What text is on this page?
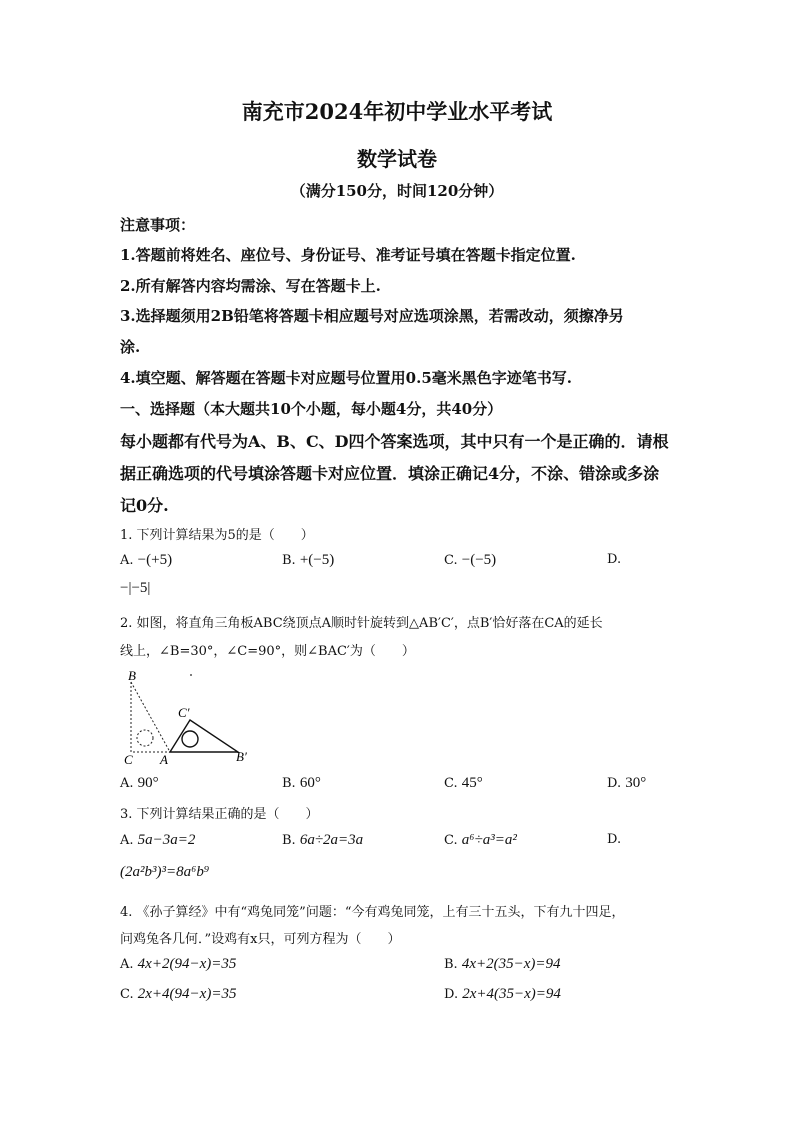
南充市2024年初中学业水平考试
数学试卷
（满分150分，时间120分钟）
注意事项：
1.答题前将姓名、座位号、身份证号、准考证号填在答题卡指定位置.
2.所有解答内容均需涂、写在答题卡上.
3.选择题须用2B铅笔将答题卡相应题号对应选项涂黑，若需改动，须擦净另
涂.
4.填空题、解答题在答题卡对应题号位置用0.5毫米黑色字迹笔书写.
一、选择题（本大题共10个小题，每小题4分，共40分）
每小题都有代号为A、B、C、D四个答案选项，其中只有一个是正确的．请根
据正确选项的代号填涂答题卡对应位置．填涂正确记4分，不涂、错涂或多涂
记0分.
1. 下列计算结果为5的是（　　）
A. −(+5)	B. +(−5)	C. −(−5)	D.
−|−5|
2. 如图，将直角三角板ABC绕顶点A顺时针旋转到△AB′C′，点B′恰好落在CA的延长
线上，∠B=30°，∠C=90°，则∠BAC′为（　　）
B
C A
C′
B′
A. 90°	B. 60°	C. 45°	D. 30°
3. 下列计算结果正确的是（　　）
A. 5a−3a=2	B. 6a÷2a=3a	C. a⁶÷a³=a²	D.
(2a²b³)³=8a⁶b⁹
4. 《孙子算经》中有“鸡兔同笼”问题：“今有鸡兔同笼，上有三十五头，下有九十四足，
问鸡兔各几何．”设鸡有x只，可列方程为（　　）
A. 4x+2(94−x)=35	B. 4x+2(35−x)=94
C. 2x+4(94−x)=35	D. 2x+4(35−x)=94
